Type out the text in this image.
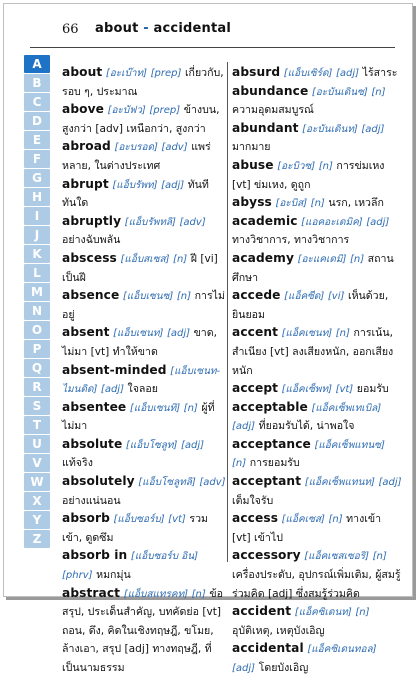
66 about - accidental
A
B
C
D
E
F
G
H
I
J
K
L
M
N
O
P
Q
R
S
T
U
V
W
X
Y
Z
about [อะเบ๊าท] [prep] เกี่ยวกับ, รอบ ๆ, ประมาณ
above [อะบัฟว] [prep] ข้างบน, สูงกว่า [adv] เหนือกว่า, สูงกว่า
abroad [อะบรอด] [adv] แพร่หลาย, ในต่างประเทศ
abrupt [แอ็บรัพท] [adj] ทันทีทันใด
abruptly [แอ็บรัพทลิ] [adv] อย่างฉับพลัน
abscess [แอ็บสเซส] [n] ฝี [vi] เป็นฝี
absence [แอ็บเซนซ] [n] การไม่อยู่
absent [แอ็บเซนท] [adj] ขาด, ไม่มา [vt] ทำให้ขาด
absent-minded [แอ็บเซนท-ไมนดิด] [adj] ใจลอย
absentee [แอ็บเซนทิ] [n] ผู้ที่ไม่มา
absolute [แอ็บโซลูท] [adj] แท้จริง
absolutely [แอ็บโซลูทลิ] [adv] อย่างแน่นอน
absorb [แอ็บซอร์บ] [vt] รวมเข้า, ดูดซึม
absorb in [แอ็บซอร์บ อิน] [phrv] หมกมุ่น
abstract [แอ็บสแทรคท] [n] ข้อสรุป, ประเด็นสำคัญ, บทคัดย่อ [vt] ถอน, ดึง, คิดในเชิงทฤษฎี, ขโมย, ล้างเอา, สรุป [adj] ทางทฤษฎี, ที่เป็นนามธรรม
absurd [แอ็บเซิร์ด] [adj] ไร้สาระ
abundance [อะบันเดินซ] [n] ความอุดมสมบูรณ์
abundant [อะบันเดินท] [adj] มากมาย
abuse [อะบิวซ] [n] การข่มเหง [vt] ข่มเหง, ดูถูก
abyss [อะบิส] [n] นรก, เหวลึก
academic [แอคอะเดมิค] [adj] ทางวิชาการ, ทางวิชาการ
academy [อะแคเดมิ] [n] สถานศึกษา
accede [แอ็คซีด] [vi] เห็นด้วย, ยินยอม
accent [แอ็คเซนท] [n] การเน้น, สำเนียง [vt] ลงเสียงหนัก, ออกเสียงหนัก
accept [แอ็คเซ็พท] [vt] ยอมรับ
acceptable [แอ็คเซ็พเทเบิล] [adj] ที่ยอมรับได้, น่าพอใจ
acceptance [แอ็คเซ็พแทนซ] [n] การยอมรับ
acceptant [แอ็คเซ็พแทนท] [adj] เต็มใจรับ
access [แอ็คเซส] [n] ทางเข้า [vt] เข้าไป
accessory [แอ็คเซสเซอริ] [n] เครื่องประดับ, อุปกรณ์เพิ่มเติม, ผู้สมรู้ร่วมคิด [adj] ซึ่งสมรู้ร่วมคิด
accident [แอ็คซิเดนท] [n] อุบัติเหตุ, เหตุบังเอิญ
accidental [แอ็คซิเดนทอล] [adj] โดยบังเอิญ
